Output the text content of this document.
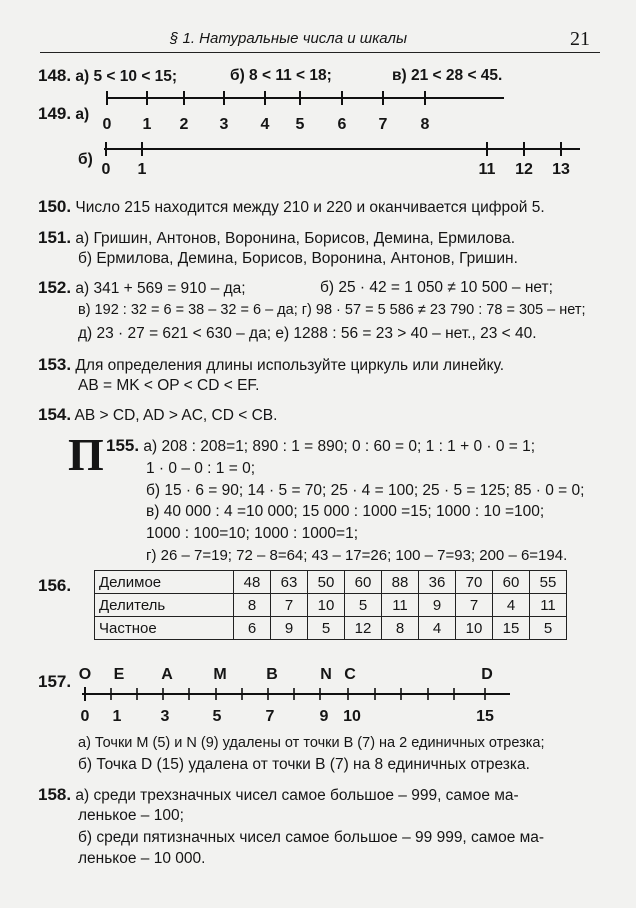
§ 1. Натуральные числа и шкалы	21
148. а) 5 < 10 < 15;	б) 8 < 11 < 18;	в) 21 < 28 < 45.
149. а)
0	1	2	3	4	5	6	7	8
б)
0	1	11	12	13
150. Число 215 находится между 210 и 220 и оканчивается цифрой 5.
151. а) Гришин, Антонов, Воронина, Борисов, Демина, Ермилова.
б) Ермилова, Демина, Борисов, Воронина, Антонов, Гришин.
152. а) 341 + 569 = 910 – да;	б) 25 · 42 = 1 050 ≠ 10 500 – нет;
в) 192 : 32 = 6 = 38 – 32 = 6 – да; г) 98 · 57 = 5 586 ≠ 23 790 : 78 = 305 – нет;
д) 23 · 27 = 621 < 630 – да; е) 1288 : 56 = 23 > 40 – нет., 23 < 40.
153. Для определения длины используйте циркуль или линейку.
AB = MK < OP < CD < EF.
154. AB > CD, AD > AC, CD < CB.
П 155. а) 208 : 208=1; 890 : 1 = 890; 0 : 60 = 0; 1 : 1 + 0 · 0 = 1;
1 · 0 – 0 : 1 = 0;
б) 15 · 6 = 90; 14 · 5 = 70; 25 · 4 = 100; 25 · 5 = 125; 85 · 0 = 0;
в) 40 000 : 4 =10 000; 15 000 : 1000 =15; 1000 : 10 =100;
1000 : 100=10; 1000 : 1000=1;
г) 26 – 7=19; 72 – 8=64; 43 – 17=26; 100 – 7=93; 200 – 6=194.
156. Делимое	48	63	50	60	88	36	70	60	55
Делитель	8	7	10	5	11	9	7	4	11
Частное	6	9	5	12	8	4	10	15	5
157. O	E	A	M	B	N C	D
0	1	3	5	7	9 10	15
а) Точки M (5) и N (9) удалены от точки B (7) на 2 единичных отрезка;
б) Точка D (15) удалена от точки B (7) на 8 единичных отрезка.
158. а) среди трехзначных чисел самое большое – 999, самое ма-
ленькое – 100;
б) среди пятизначных чисел самое большое – 99 999, самое ма-
ленькое – 10 000.
